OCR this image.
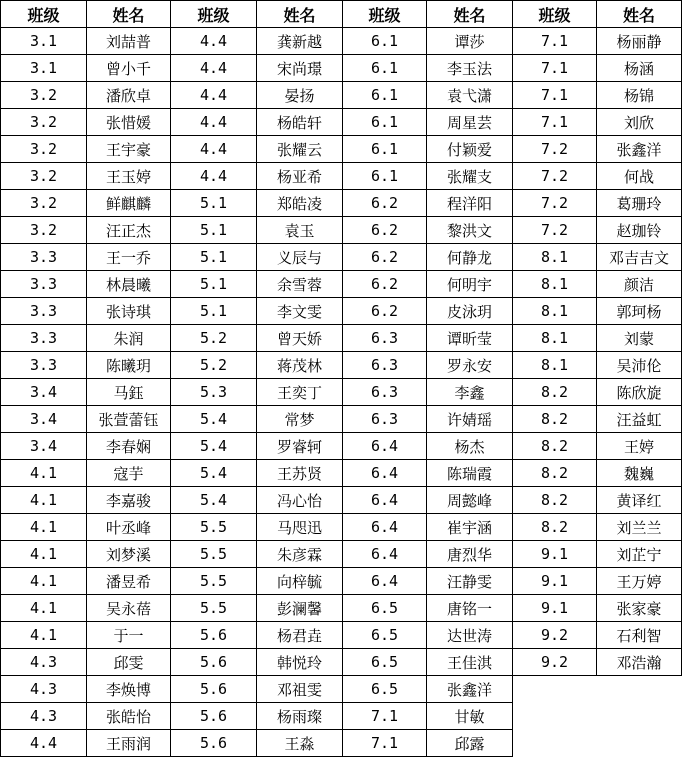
班级	姓名	班级	姓名	班级	姓名	班级	姓名
3.1	刘喆普	4.4	龚新越	6.1	谭莎	7.1	杨丽静
3.1	曾小千	4.4	宋尚璟	6.1	李玉法	7.1	杨涵
3.2	潘欣卓	4.4	晏扬	6.1	袁弋潇	7.1	杨锦
3.2	张惜媛	4.4	杨皓轩	6.1	周星芸	7.1	刘欣
3.2	王宇豪	4.4	张耀云	6.1	付颖爱	7.2	张鑫洋
3.2	王玉婷	4.4	杨亚希	6.1	张耀支	7.2	何战
3.2	鲜麒麟	5.1	郑皓凌	6.2	程洋阳	7.2	葛珊玲
3.2	汪正杰	5.1	袁玉	6.2	黎洪文	7.2	赵珈铃
3.3	王一乔	5.1	义辰与	6.2	何静龙	8.1	邓吉吉文
3.3	林晨曦	5.1	余雪蓉	6.2	何明宇	8.1	颜洁
3.3	张诗琪	5.1	李文雯	6.2	皮泳玥	8.1	郭珂杨
3.3	朱润	5.2	曾天娇	6.3	谭昕莹	8.1	刘蒙
3.3	陈曦玥	5.2	蒋茂林	6.3	罗永安	8.1	吴沛伦
3.4	马鈺	5.3	王奕丁	6.3	李鑫	8.2	陈欣旋
3.4	张萱蕾钰	5.4	常梦	6.3	许婧瑶	8.2	汪益虹
3.4	李春娴	5.4	罗睿轲	6.4	杨杰	8.2	王婷
4.1	寇芋	5.4	王苏贤	6.4	陈瑞霞	8.2	魏巍
4.1	李嘉骏	5.4	冯心怡	6.4	周懿峰	8.2	黄译红
4.1	叶丞峰	5.5	马咫迅	6.4	崔宇涵	8.2	刘兰兰
4.1	刘梦溪	5.5	朱彦霖	6.4	唐烈华	9.1	刘芷宁
4.1	潘昱希	5.5	向梓毓	6.4	汪静雯	9.1	王万婷
4.1	吴永蓓	5.5	彭澜馨	6.5	唐铭一	9.1	张家豪
4.1	于一	5.6	杨君垚	6.5	达世涛	9.2	石利智
4.3	邱雯	5.6	韩悦玲	6.5	王佳淇	9.2	邓浩瀚
4.3	李焕博	5.6	邓祖雯	6.5	张鑫洋		
4.3	张皓怡	5.6	杨雨璨	7.1	甘敏		
4.4	王雨润	5.6	王淼	7.1	邱露		
